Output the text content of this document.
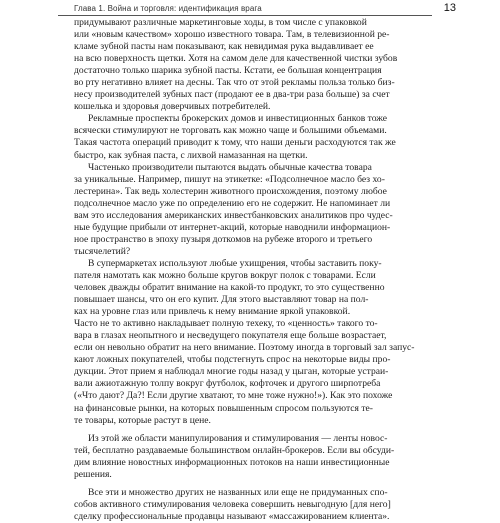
Глава 1. Война и торговля: идентификация врага	13
придумывают различные маркетинговые ходы, в том числе с упаковкой
или «новым качеством» хорошо известного товара. Там, в телевизионной ре-
кламе зубной пасты нам показывают, как невидимая рука выдавливает ее
на всю поверхность щетки. Хотя на самом деле для качественной чистки зубов
достаточно только шарика зубной пасты. Кстати, ее большая концентрация
во рту негативно влияет на десны. Так что от этой рекламы польза только биз-
несу производителей зубных паст (продают ее в два-три раза больше) за счет
кошелька и здоровья доверчивых потребителей.
Рекламные проспекты брокерских домов и инвестиционных банков тоже
всячески стимулируют не торговать как можно чаще и большими объемами.
Такая частота операций приводит к тому, что наши деньги расходуются так же
быстро, как зубная паста, с лихвой намазанная на щетки.
Частенько производители пытаются выдать обычные качества товара
за уникальные. Например, пишут на этикетке: «Подсолнечное масло без хо-
лестерина». Так ведь холестерин животного происхождения, поэтому любое
подсолнечное масло уже по определению его не содержит. Не напоминает ли
вам это исследования американских инвестбанковских аналитиков про чудес-
ные будущие прибыли от интернет-акций, которые наводнили информацион-
ное пространство в эпоху пузыря доткомов на рубеже второго и третьего
тысячелетий?
В супермаркетах используют любые ухищрения, чтобы заставить поку-
пателя намотать как можно больше кругов вокруг полок с товарами. Если
человек дважды обратит внимание на какой-то продукт, то это существенно
повышает шансы, что он его купит. Для этого выставляют товар на пол-
ках на уровне глаз или привлечь к нему внимание яркой упаковкой.
Часто не то активно накладывает полную техеку, то «ценность» такого то-
вара в глазах неопытного и несведущего покупателя еще больше возрастает,
если он невольно обратит на него внимание. Поэтому иногда в торговый зал запус-
кают ложных покупателей, чтобы подстегнуть спрос на некоторые виды про-
дукции. Этот прием я наблюдал многие годы назад у цыган, которые устраи-
вали ажиотажную толпу вокруг футболок, кофточек и другого ширпотреба
(«Что дают? Да?! Если другие хватают, то мне тоже нужно!»). Как это похоже
на финансовые рынки, на которых повышенным спросом пользуются те-
те товары, которые растут в цене.
Из этой же области манипулирования и стимулирования — ленты новос-
тей, бесплатно раздаваемые большинством онлайн-брокеров. Если вы обсуди-
дим влияние новостных информационных потоков на наши инвестиционные
решения.
Все эти и множество других не названных или еще не придуманных спо-
собов активного стимулирования человека совершить невыгодную [для него]
сделку профессиональные продавцы называют «массажированием клиента».
